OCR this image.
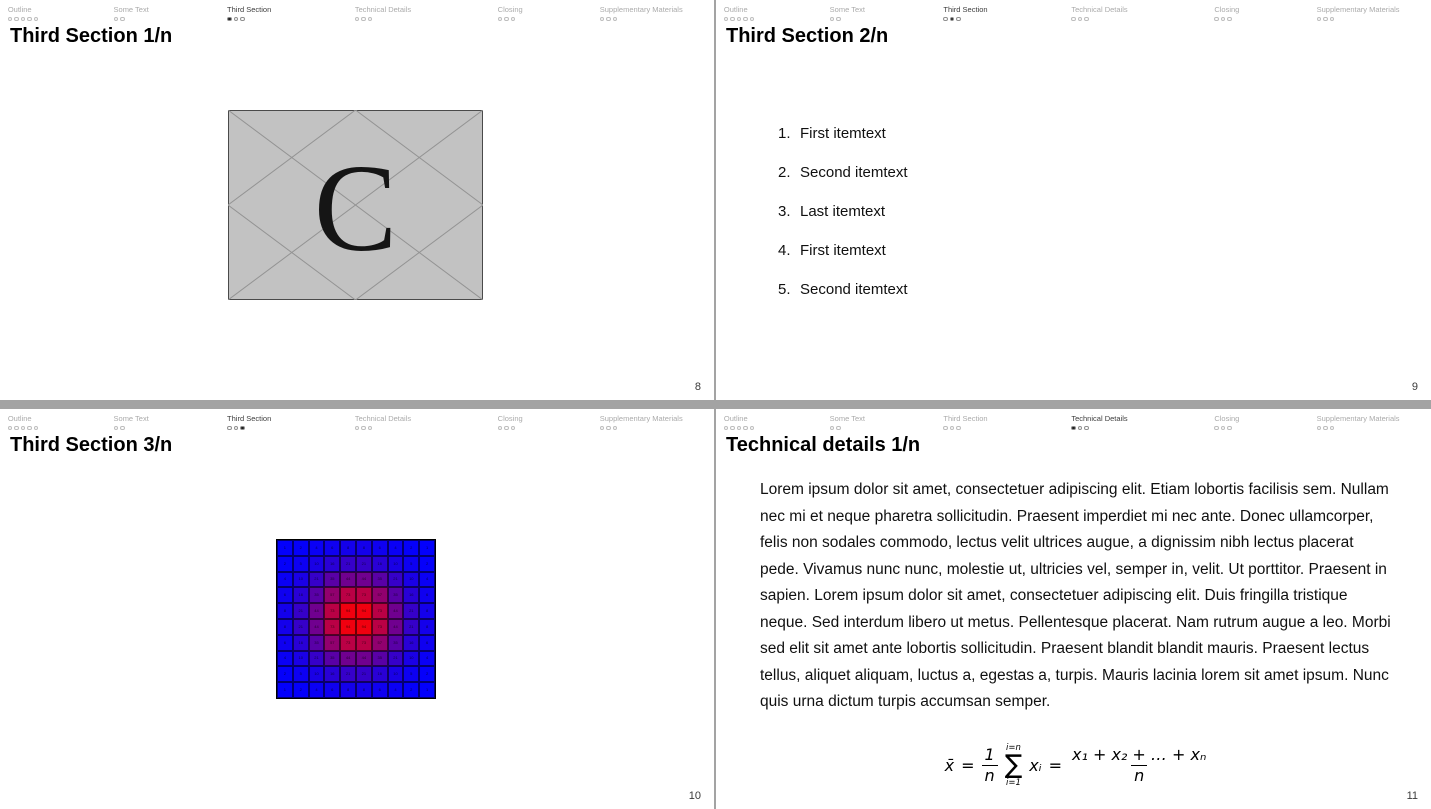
Outline	Some Text	Third Section	Technical Details	Closing	Supplementary Materials
Third Section 1/n
C
8
Outline	Some Text	Third Section	Technical Details	Closing	Supplementary Materials
Third Section 2/n
1. First itemtext
2. Second itemtext
3. Last itemtext
4. First itemtext
5. Second itemtext
9
Outline	Some Text	Third Section	Technical Details	Closing	Supplementary Materials
Third Section 3/n
1	2	4	6	8	8	6	4	2	1
2	5	10	16	21	21	16	10	5	2
4	10	21	35	44	44	35	21	10	4
6	16	35	57	73	73	57	35	16	6
8	21	44	73	94	94	73	44	21	8
8	21	44	73	94	94	73	44	21	8
6	16	35	57	73	73	57	35	16	6
4	10	21	35	44	44	35	21	10	4
2	5	10	16	21	21	16	10	5	2
1	2	4	6	8	8	6	4	2	1
10
Outline	Some Text	Third Section	Technical Details	Closing	Supplementary Materials
Technical details 1/n

Lorem ipsum dolor sit amet, consectetuer adipiscing elit. Etiam lobortis facilisis sem. Nullam nec mi et neque pharetra sollicitudin. Praesent imperdiet mi nec ante. Donec ullamcorper, felis non sodales commodo, lectus velit ultrices augue, a dignissim nibh lectus placerat pede. Vivamus nunc nunc, molestie ut, ultricies vel, semper in, velit. Ut porttitor. Praesent in sapien. Lorem ipsum dolor sit amet, consectetuer adipiscing elit. Duis fringilla tristique neque. Sed interdum libero ut metus. Pellentesque placerat. Nam rutrum augue a leo. Morbi sed elit sit amet ante lobortis sollicitudin. Praesent blandit blandit mauris. Praesent lectus tellus, aliquet aliquam, luctus a, egestas a, turpis. Mauris lacinia lorem sit amet ipsum. Nunc quis urna dictum turpis accumsan semper.

x̄ = $\frac{1}{n} i=n$
∑
i=1
xᵢ = $\frac{\text{x₁ + x₂ + … + xₙ}}{n}$
11
